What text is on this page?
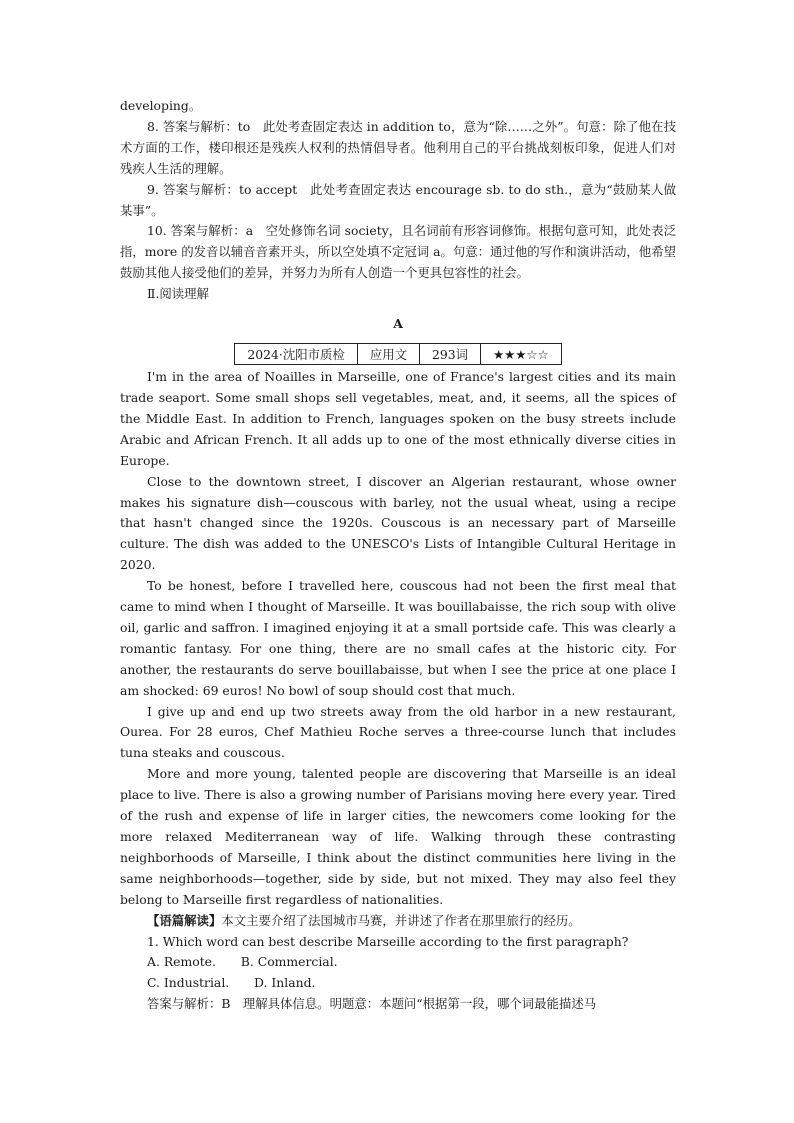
developing。

8. 答案与解析：to　此处考查固定表达 in addition to，意为“除……之外”。句意：除了他在技术方面的工作，楼印根还是残疾人权利的热情倡导者。他利用自己的平台挑战刻板印象，促进人们对残疾人生活的理解。

9. 答案与解析：to accept　此处考查固定表达 encourage sb. to do sth.，意为“鼓励某人做某事”。

10. 答案与解析：a　空处修饰名词 society，且名词前有形容词修饰。根据句意可知，此处表泛指，more 的发音以辅音音素开头，所以空处填不定冠词 a。句意：通过他的写作和演讲活动，他希望鼓励其他人接受他们的差异，并努力为所有人创造一个更具包容性的社会。

Ⅱ.阅读理解

A
2024·沈阳市质检	应用文	293词	★★★☆☆

I'm in the area of Noailles in Marseille, one of France's largest cities and its main trade seaport. Some small shops sell vegetables, meat, and, it seems, all the spices of the Middle East. In addition to French, languages spoken on the busy streets include Arabic and African French. It all adds up to one of the most ethnically diverse cities in Europe.

Close to the downtown street, I discover an Algerian restaurant, whose owner makes his signature dish—couscous with barley, not the usual wheat, using a recipe that hasn't changed since the 1920s. Couscous is an necessary part of Marseille culture. The dish was added to the UNESCO's Lists of Intangible Cultural Heritage in 2020.

To be honest, before I travelled here, couscous had not been the first meal that came to mind when I thought of Marseille. It was bouillabaisse, the rich soup with olive oil, garlic and saffron. I imagined enjoying it at a small portside cafe. This was clearly a romantic fantasy. For one thing, there are no small cafes at the historic city. For another, the restaurants do serve bouillabaisse, but when I see the price at one place I am shocked: 69 euros! No bowl of soup should cost that much.

I give up and end up two streets away from the old harbor in a new restaurant, Ourea. For 28 euros, Chef Mathieu Roche serves a three-course lunch that includes tuna steaks and couscous.

More and more young, talented people are discovering that Marseille is an ideal place to live. There is also a growing number of Parisians moving here every year. Tired of the rush and expense of life in larger cities, the newcomers come looking for the more relaxed Mediterranean way of life. Walking through these contrasting neighborhoods of Marseille, I think about the distinct communities here living in the same neighborhoods—together, side by side, but not mixed. They may also feel they belong to Marseille first regardless of nationalities.

【语篇解读】本文主要介绍了法国城市马赛，并讲述了作者在那里旅行的经历。

1. Which word can best describe Marseille according to the first paragraph?

A. Remote.　　B. Commercial.

C. Industrial.　　D. Inland.

答案与解析：B　理解具体信息。明题意：本题问“根据第一段，哪个词最能描述马
